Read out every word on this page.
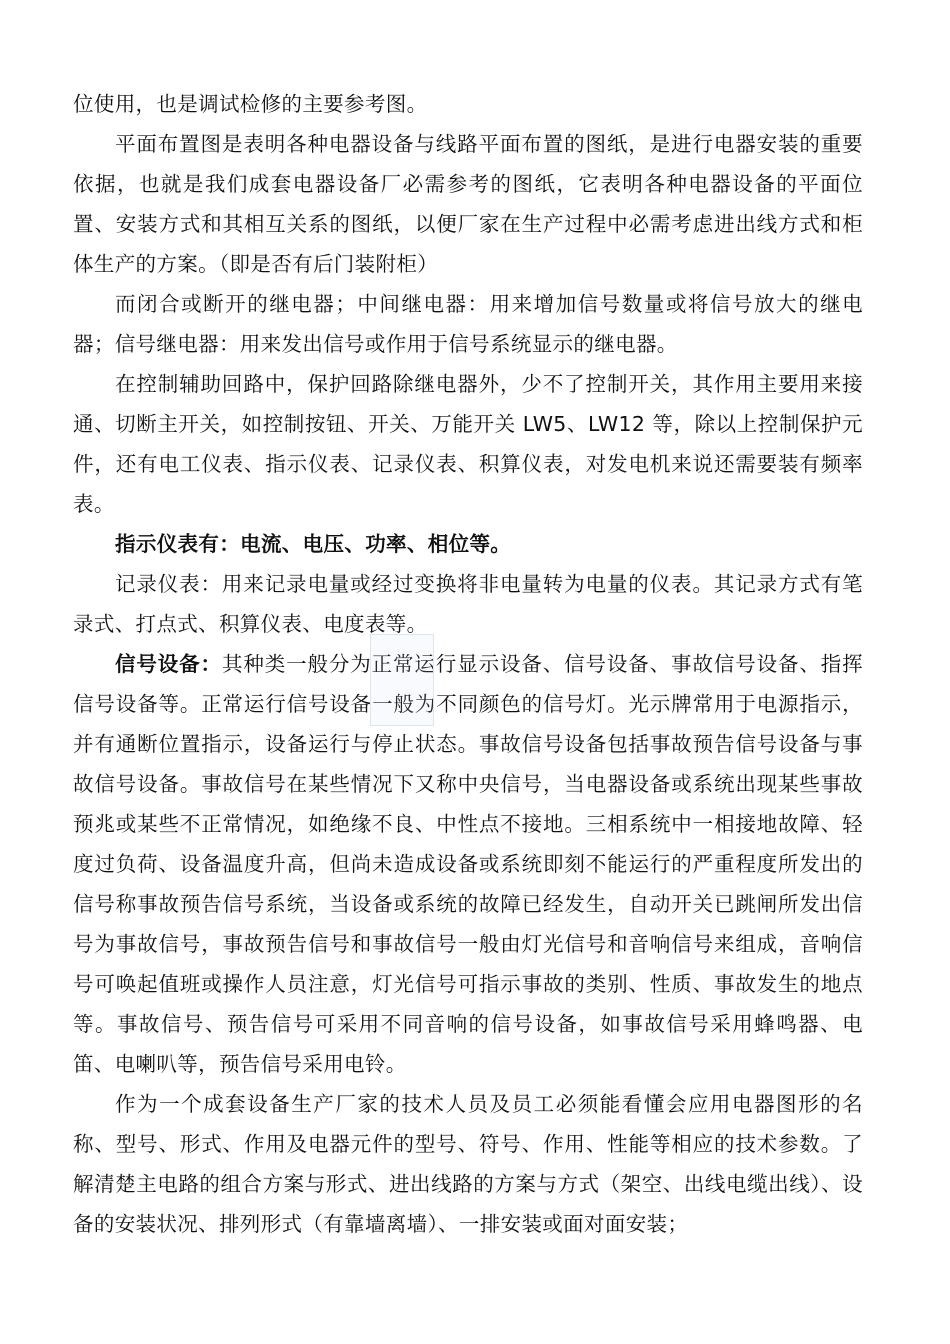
位使用，也是调试检修的主要参考图。

平面布置图是表明各种电器设备与线路平面布置的图纸，是进行电器安装的重要依据，也就是我们成套电器设备厂必需参考的图纸，它表明各种电器设备的平面位置、安装方式和其相互关系的图纸，以便厂家在生产过程中必需考虑进出线方式和柜体生产的方案。（即是否有后门装附柜）

而闭合或断开的继电器；中间继电器：用来增加信号数量或将信号放大的继电器；信号继电器：用来发出信号或作用于信号系统显示的继电器。

在控制辅助回路中，保护回路除继电器外，少不了控制开关，其作用主要用来接通、切断主开关，如控制按钮、开关、万能开关 LW5、LW12 等，除以上控制保护元件，还有电工仪表、指示仪表、记录仪表、积算仪表，对发电机来说还需要装有频率表。

指示仪表有：电流、电压、功率、相位等。

记录仪表：用来记录电量或经过变换将非电量转为电量的仪表。其记录方式有笔录式、打点式、积算仪表、电度表等。

信号设备：其种类一般分为正常运行显示设备、信号设备、事故信号设备、指挥信号设备等。正常运行信号设备一般为不同颜色的信号灯。光示牌常用于电源指示，并有通断位置指示，设备运行与停止状态。事故信号设备包括事故预告信号设备与事故信号设备。事故信号在某些情况下又称中央信号，当电器设备或系统出现某些事故预兆或某些不正常情况，如绝缘不良、中性点不接地。三相系统中一相接地故障、轻度过负荷、设备温度升高，但尚未造成设备或系统即刻不能运行的严重程度所发出的信号称事故预告信号系统，当设备或系统的故障已经发生，自动开关已跳闸所发出信号为事故信号，事故预告信号和事故信号一般由灯光信号和音响信号来组成，音响信号可唤起值班或操作人员注意，灯光信号可指示事故的类别、性质、事故发生的地点等。事故信号、预告信号可采用不同音响的信号设备，如事故信号采用蜂鸣器、电笛、电喇叭等，预告信号采用电铃。

作为一个成套设备生产厂家的技术人员及员工必须能看懂会应用电器图形的名称、型号、形式、作用及电器元件的型号、符号、作用、性能等相应的技术参数。了解清楚主电路的组合方案与形式、进出线路的方案与方式（架空、出线电缆出线）、设备的安装状况、排列形式（有靠墙离墙）、一排安装或面对面安装；
